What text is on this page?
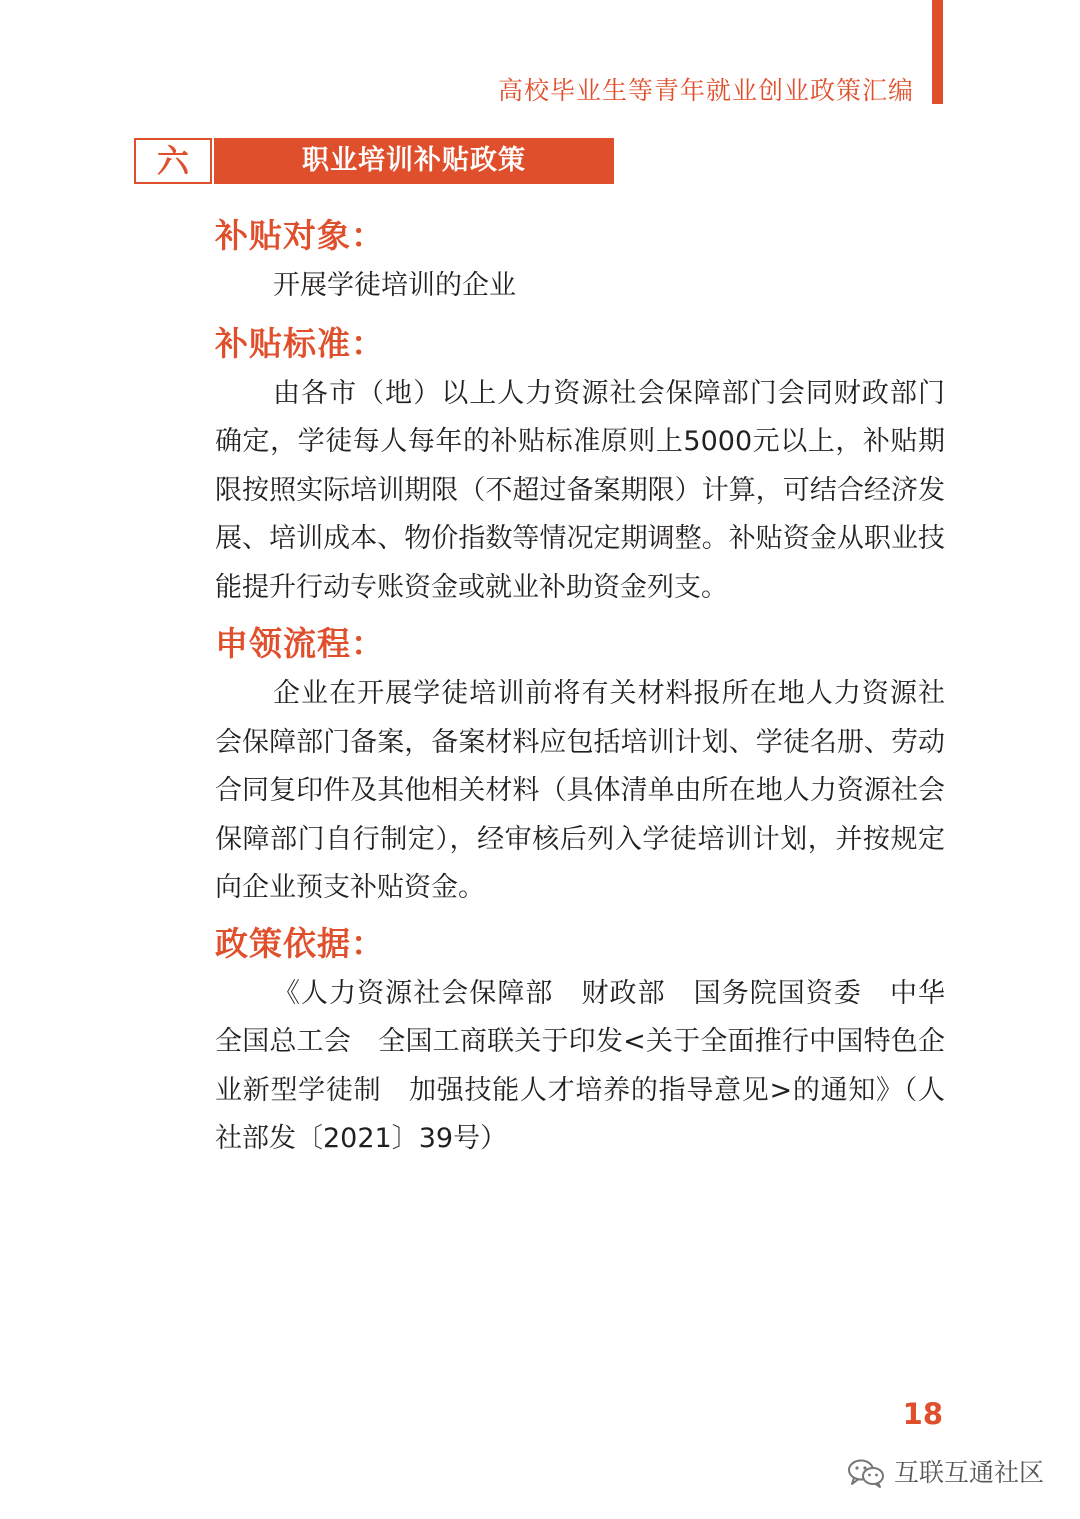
高校毕业生等青年就业创业政策汇编
六	职业培训补贴政策
补贴对象：
开展学徒培训的企业
补贴标准：
由各市（地）以上人力资源社会保障部门会同财政部门确定，学徒每人每年的补贴标准原则上5000元以上，补贴期限按照实际培训期限（不超过备案期限）计算，可结合经济发展、培训成本、物价指数等情况定期调整。补贴资金从职业技能提升行动专账资金或就业补助资金列支。
申领流程：
企业在开展学徒培训前将有关材料报所在地人力资源社会保障部门备案，备案材料应包括培训计划、学徒名册、劳动合同复印件及其他相关材料（具体清单由所在地人力资源社会保障部门自行制定），经审核后列入学徒培训计划，并按规定向企业预支补贴资金。
政策依据：
《人力资源社会保障部　财政部　国务院国资委　中华全国总工会　全国工商联关于印发<关于全面推行中国特色企业新型学徒制　加强技能人才培养的指导意见>的通知》（人社部发〔2021〕39号）
18
互联互通社区
